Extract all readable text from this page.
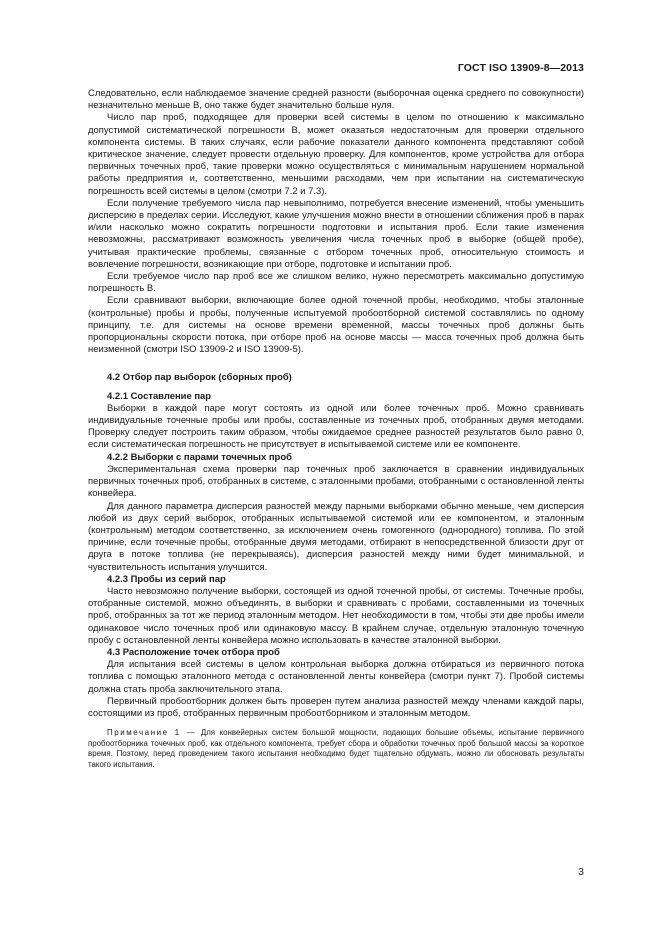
ГОСТ ISO 13909-8—2013

Следовательно, если наблюдаемое значение средней разности (выборочная оценка среднего по совокупности) незначительно меньше B, оно также будет значительно больше нуля.

Число пар проб, подходящее для проверки всей системы в целом по отношению к максимально допустимой систематической погрешности B, может оказаться недостаточным для проверки отдельного компонента системы. В таких случаях, если рабочие показатели данного компонента представляют собой критическое значение, следует провести отдельную проверку. Для компонентов, кроме устройства для отбора первичных точечных проб, такие проверки можно осуществляться с минимальным нарушением нормальной работы предприятия и, соответственно, меньшими расходами, чем при испытании на систематическую погрешность всей системы в целом (смотри 7.2 и 7.3).

Если получение требуемого числа пар невыполнимо, потребуется внесение изменений, чтобы уменьшить дисперсию в пределах серии. Исследуют, какие улучшения можно внести в отношении сближения проб в парах и/или насколько можно сократить погрешности подготовки и испытания проб. Если такие изменения невозможны, рассматривают возможность увеличения числа точечных проб в выборке (общей пробе), учитывая практические проблемы, связанные с отбором точечных проб, относительную стоимость и вовлечение погрешности, возникающие при отборе, подготовке и испытании проб.

Если требуемое число пар проб все же слишком велико, нужно пересмотреть максимально допустимую погрешность B.

Если сравнивают выборки, включающие более одной точечной пробы, необходимо, чтобы эталонные (контрольные) пробы и пробы, полученные испытуемой пробоотборной системой составлялись по одному принципу, т.е. для системы на основе времени временной, массы точечных проб должны быть пропорциональны скорости потока, при отборе проб на основе массы — масса точечных проб должна быть неизменной (смотри ISO 13909-2 и ISO 13909-5).

4.2 Отбор пар выборок (сборных проб)
4.2.1 Составление пар

Выборки в каждой паре могут состоять из одной или более точечных проб. Можно сравнивать индивидуальные точечные пробы или пробы, составленные из точечных проб, отобранных двумя методами. Проверку следует построить таким образом, чтобы ожидаемое среднее разностей результатов было равно 0, если систематическая погрешность не присутствует в испытываемой системе или ее компоненте.

4.2.2 Выборки с парами точечных проб

Экспериментальная схема проверки пар точечных проб заключается в сравнении индивидуальных первичных точечных проб, отобранных в системе, с эталонными пробами, отобранными с остановленной ленты конвейера.

Для данного параметра дисперсия разностей между парными выборками обычно меньше, чем дисперсия любой из двух серий выборок, отобранных испытываемой системой или ее компонентом, и эталонным (контрольным) методом соответственно, за исключением очень гомогенного (однородного) топлива. По этой причине, если точечные пробы, отобранные двумя методами, отбирают в непосредственной близости друг от друга в потоке топлива (не перекрываясь), дисперсия разностей между ними будет минимальной, и чувствительность испытания улучшится.

4.2.3 Пробы из серий пар

Часто невозможно получение выборки, состоящей из одной точечной пробы, от системы. Точечные пробы, отобранные системой, можно объединять, в выборки и сравнивать с пробами, составленными из точечных проб, отобранных за тот же период эталонным методом. Нет необходимости в том, чтобы эти две пробы имели одинаковое число точечных проб или одинаковую массу. В крайнем случае, отдельную эталонную точечную пробу с остановленной ленты конвейера можно использовать в качестве эталонной выборки.

4.3 Расположение точек отбора проб

Для испытания всей системы в целом контрольная выборка должна отбираться из первичного потока топлива с помощью эталонного метода с остановленной ленты конвейера (смотри пункт 7). Пробой системы должна стать проба заключительного этапа.

Первичный пробоотборник должен быть проверен путем анализа разностей между членами каждой пары, состоящими из проб, отобранных первичным пробоотборником и эталонным методом.

Примечание 1 — Для конвейерных систем большой мощности, подающих большие объемы, испытание первичного пробоотборника точечных проб, как отдельного компонента, требует сбора и обработки точечных проб большой массы за короткое время. Поэтому, перед проведением такого испытания необходимо будет тщательно обдумать, можно ли обосновать результаты такого испытания.

3
